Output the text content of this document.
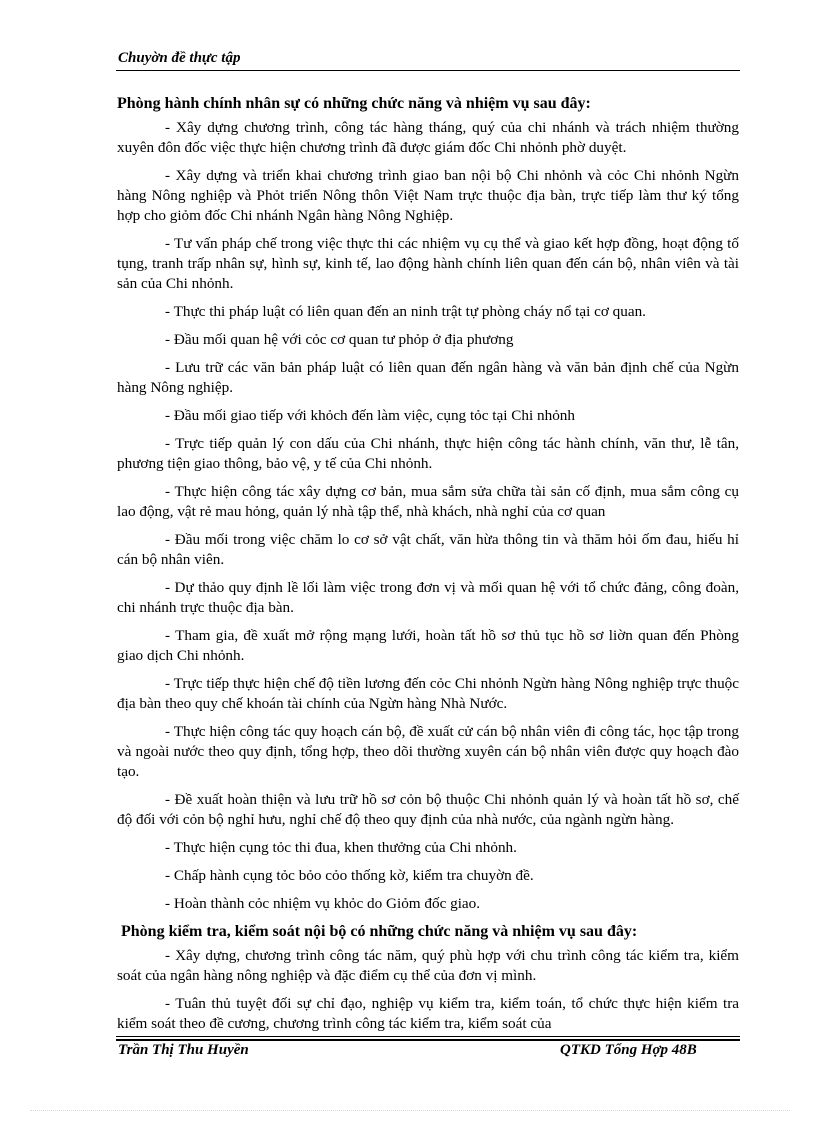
Chuyờn đề thực tập
Phòng hành chính nhân sự có những chức năng và nhiệm vụ sau đây:

- Xây dựng chương trình, công tác hàng tháng, quý của chi nhánh và trách nhiệm thường xuyên đôn đốc việc thực hiện chương trình đã được giám đốc Chi nhỏnh phờ duyệt.

- Xây dựng và triển khai chương trình giao ban nội bộ Chi nhỏnh và cỏc Chi nhỏnh Ngừn hàng Nông nghiệp và Phỏt triển Nông thôn Việt Nam trực thuộc địa bàn, trực tiếp làm thư ký tổng hợp cho giỏm đốc Chi nhánh Ngân hàng Nông Nghiệp.

- Tư vấn pháp chế trong việc thực thi các nhiệm vụ cụ thể và giao kết hợp đồng, hoạt động tố tụng, tranh trấp nhân sự, hình sự, kinh tế, lao động hành chính liên quan đến cán bộ, nhân viên và tài sản của Chi nhỏnh.

- Thực thi pháp luật có liên quan đến an ninh trật tự phòng cháy nổ tại cơ quan.

- Đầu mối quan hệ với cỏc cơ quan tư phỏp ở địa phương

- Lưu trữ các văn bản pháp luật có liên quan đến ngân hàng và văn bản định chế của Ngừn hàng Nông nghiệp.

- Đầu mối giao tiếp với khỏch đến làm việc, cụng tỏc tại Chi nhỏnh

- Trực tiếp quản lý con dấu của Chi nhánh, thực hiện công tác hành chính, văn thư, lễ tân, phương tiện giao thông, bảo vệ, y tế của Chi nhỏnh.

- Thực hiện công tác xây dựng cơ bản, mua sắm sửa chữa tài sản cố định, mua sắm công cụ lao động, vật rẻ mau hỏng, quản lý nhà tập thể, nhà khách, nhà nghỉ của cơ quan

- Đầu mối trong việc chăm lo cơ sở vật chất, văn hừa thông tin và thăm hỏi ốm đau, hiếu hỉ cán bộ nhân viên.

- Dự thảo quy định lề lối làm việc trong đơn vị và mối quan hệ với tổ chức đảng, công đoàn, chi nhánh trực thuộc địa bàn.

- Tham gia, đề xuất mở rộng mạng lưới, hoàn tất hồ sơ thủ tục hồ sơ liờn quan đến Phòng giao dịch Chi nhỏnh.

- Trực tiếp thực hiện chế độ tiền lương đến cỏc Chi nhỏnh Ngừn hàng Nông nghiệp trực thuộc địa bàn theo quy chế khoán tài chính của Ngừn hàng Nhà Nước.

- Thực hiện công tác quy hoạch cán bộ, đề xuất cử cán bộ nhân viên đi công tác, học tập trong và ngoài nước theo quy định, tổng hợp, theo dõi thường xuyên cán bộ nhân viên được quy hoạch đào tạo.

- Đề xuất hoàn thiện và lưu trữ hồ sơ cỏn bộ thuộc Chi nhỏnh quản lý và hoàn tất hồ sơ, chế độ đối với cỏn bộ nghỉ hưu, nghỉ chế độ theo quy định của nhà nước, của ngành ngừn hàng.

- Thực hiện cụng tỏc thi đua, khen thưởng của Chi nhỏnh.

- Chấp hành cụng tỏc bỏo cỏo thống kờ, kiểm tra chuyờn đề.

- Hoàn thành cỏc nhiệm vụ khỏc do Giỏm đốc giao.

Phòng kiểm tra, kiểm soát nội bộ có những chức năng và nhiệm vụ sau đây:

- Xây dựng, chương trình công tác năm, quý phù hợp với chu trình công tác kiểm tra, kiểm soát của ngân hàng nông nghiệp và đặc điểm cụ thể của đơn vị mình.

- Tuân thủ tuyệt đối sự chỉ đạo, nghiệp vụ kiểm tra, kiểm toán, tổ chức thực hiện kiểm tra kiểm soát theo đề cương, chương trình công tác kiểm tra, kiểm soát của

Trần Thị Thu Huyền	QTKD Tổng Hợp 48B
